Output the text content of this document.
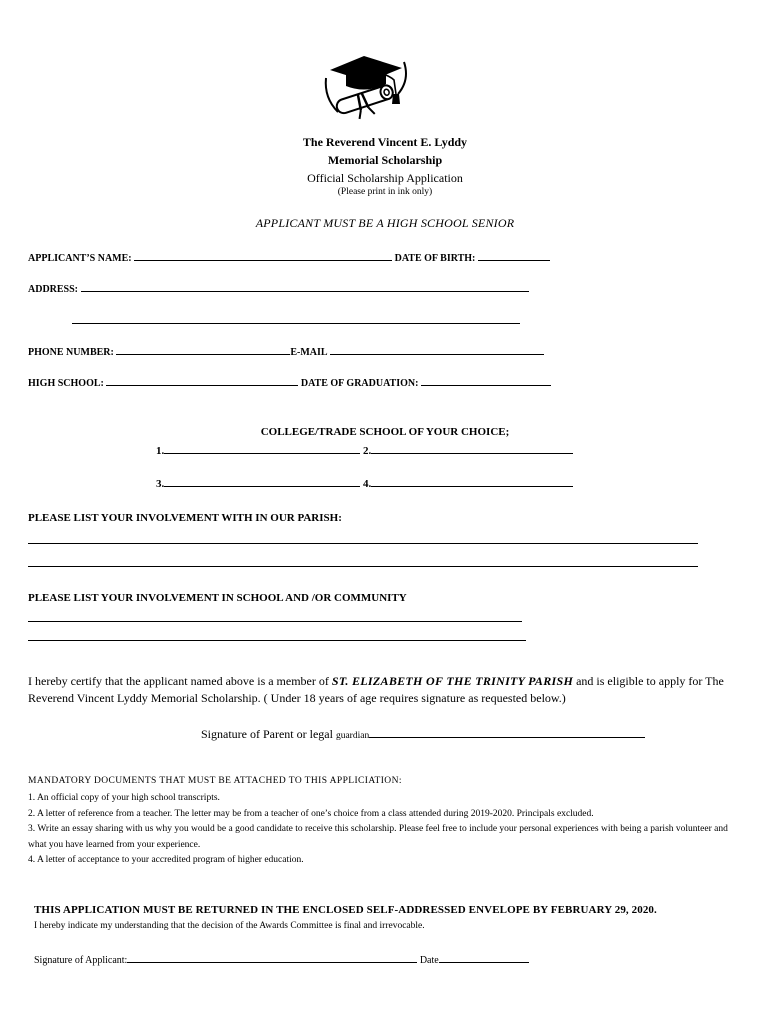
The Reverend Vincent E. Lyddy
Memorial Scholarship
Official Scholarship Application
(Please print in ink only)
APPLICANT MUST BE A HIGH SCHOOL SENIOR
APPLICANT’S NAME:	DATE OF BIRTH:
ADDRESS:
PHONE NUMBER:	E-MAIL
HIGH SCHOOL:	DATE OF GRADUATION:
COLLEGE/TRADE SCHOOL OF YOUR CHOICE;
1.	2.
3.	4.
PLEASE LIST YOUR INVOLVEMENT WITH IN OUR PARISH:
PLEASE LIST YOUR INVOLVEMENT IN SCHOOL AND /OR COMMUNITY
I hereby certify that the applicant named above is a member of ST. ELIZABETH OF THE TRINITY PARISH and is eligible to apply for The Reverend Vincent Lyddy Memorial Scholarship. ( Under 18 years of age requires signature as requested below.)
Signature of Parent or legal guardian
MANDATORY DOCUMENTS THAT MUST BE ATTACHED TO THIS APPLICIATION:
1. An official copy of your high school transcripts.
2. A letter of reference from a teacher. The letter may be from a teacher of one’s choice from a class attended during 2019-2020. Principals excluded.
3. Write an essay sharing with us why you would be a good candidate to receive this scholarship. Please feel free to include your personal experiences with being a parish volunteer and what you have learned from your experience.
4. A letter of acceptance to your accredited program of higher education.
THIS APPLICATION MUST BE RETURNED IN THE ENCLOSED SELF-ADDRESSED ENVELOPE BY FEBRUARY 29, 2020.
I hereby indicate my understanding that the decision of the Awards Committee is final and irrevocable.
Signature of Applicant:	Date
